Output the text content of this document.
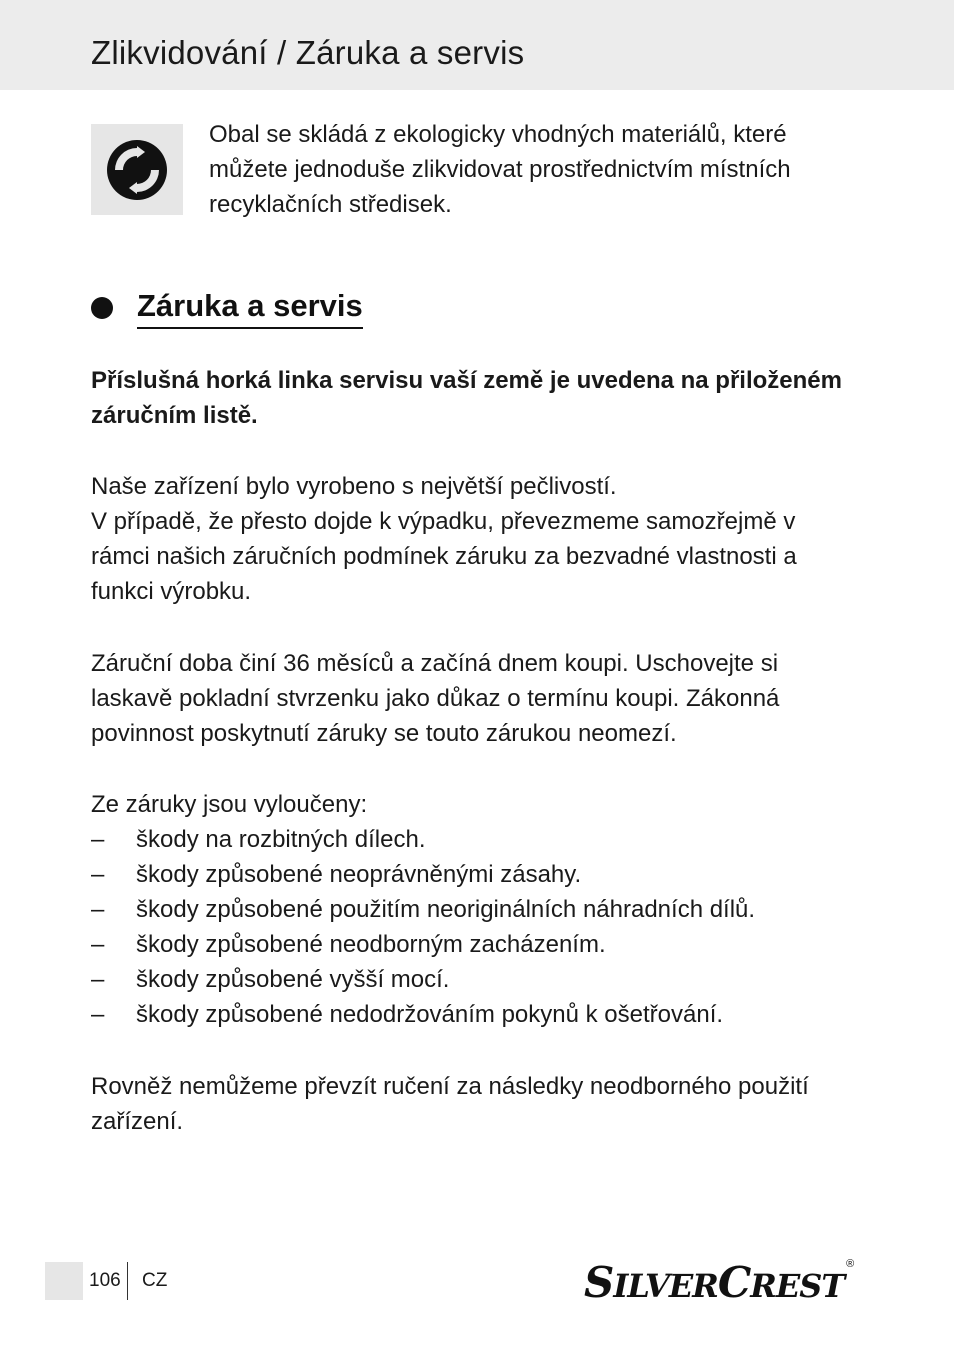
Zlikvidování / Záruka a servis

Obal se skládá z ekologicky vhodných materiálů, které můžete jednoduše zlikvidovat prostřednictvím místních recyklačních středisek.

Záruka a servis

Příslušná horká linka servisu vaší země je uvedena na přiloženém záručním listě.

Naše zařízení bylo vyrobeno s největší pečlivostí.
V případě, že přesto dojde k výpadku, převezmeme samozřejmě v rámci našich záručních podmínek záruku za bezvadné vlastnosti a funkci výrobku.

Záruční doba činí 36 měsíců a začíná dnem koupi. Uschovejte si laskavě pokladní stvrzenku jako důkaz o termínu koupi. Zákonná povinnost poskytnutí záruky se touto zárukou neomezí.

Ze záruky jsou vyloučeny:

– škody na rozbitných dílech.
– škody způsobené neoprávněnými zásahy.
– škody způsobené použitím neoriginálních náhradních dílů.
– škody způsobené neodborným zacházením.
– škody způsobené vyšší mocí.
– škody způsobené nedodržováním pokynů k ošetřování.

Rovněž nemůžeme převzít ručení za následky neodborného použití zařízení.

106 CZ	SILVERCREST®
